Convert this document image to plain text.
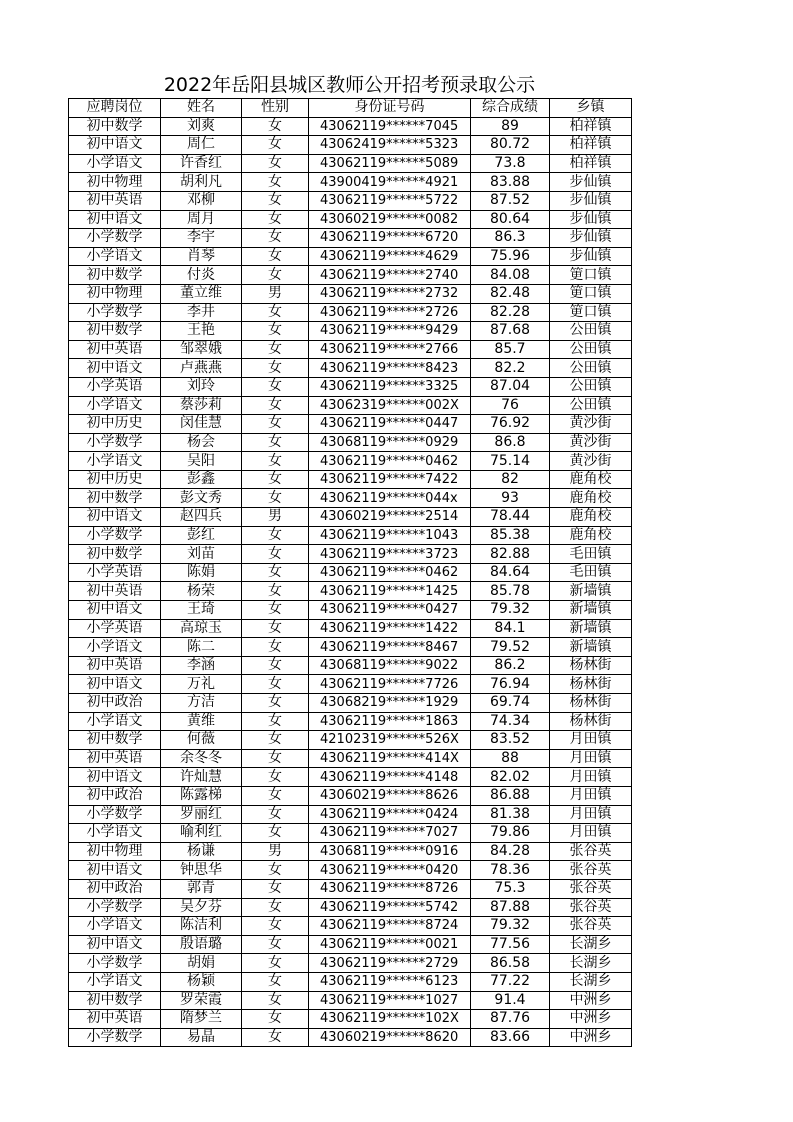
2022年岳阳县城区教师公开招考预录取公示
应聘岗位	姓名	性别	身份证号码	综合成绩	乡镇
初中数学	刘爽	女	43062119******7045	89	柏祥镇
初中语文	周仁	女	43062419******5323	80.72	柏祥镇
小学语文	许香红	女	43062119******5089	73.8	柏祥镇
初中物理	胡利凡	女	43900419******4921	83.88	步仙镇
初中英语	邓柳	女	43062119******5722	87.52	步仙镇
初中语文	周月	女	43060219******0082	80.64	步仙镇
小学数学	李宇	女	43062119******6720	86.3	步仙镇
小学语文	肖琴	女	43062119******4629	75.96	步仙镇
初中数学	付炎	女	43062119******2740	84.08	筻口镇
初中物理	董立维	男	43062119******2732	82.48	筻口镇
小学数学	李井	女	43062119******2726	82.28	筻口镇
初中数学	王艳	女	43062119******9429	87.68	公田镇
初中英语	邹翠娥	女	43062119******2766	85.7	公田镇
初中语文	卢燕燕	女	43062119******8423	82.2	公田镇
小学英语	刘玲	女	43062119******3325	87.04	公田镇
小学语文	蔡莎莉	女	43062319******002X	76	公田镇
初中历史	闵佳慧	女	43062119******0447	76.92	黄沙街
小学数学	杨会	女	43068119******0929	86.8	黄沙街
小学语文	吴阳	女	43062119******0462	75.14	黄沙街
初中历史	彭鑫	女	43062119******7422	82	鹿角校
初中数学	彭文秀	女	43062119******044x	93	鹿角校
初中语文	赵四兵	男	43060219******2514	78.44	鹿角校
小学数学	彭红	女	43062119******1043	85.38	鹿角校
初中数学	刘苗	女	43062119******3723	82.88	毛田镇
小学英语	陈娟	女	43062119******0462	84.64	毛田镇
初中英语	杨荣	女	43062119******1425	85.78	新墙镇
初中语文	王琦	女	43062119******0427	79.32	新墙镇
小学英语	高琼玉	女	43062119******1422	84.1	新墙镇
小学语文	陈二	女	43062119******8467	79.52	新墙镇
初中英语	李涵	女	43068119******9022	86.2	杨林街
初中语文	万礼	女	43062119******7726	76.94	杨林街
初中政治	方洁	女	43068219******1929	69.74	杨林街
小学语文	黄维	女	43062119******1863	74.34	杨林街
初中数学	何薇	女	42102319******526X	83.52	月田镇
初中英语	余冬冬	女	43062119******414X	88	月田镇
初中语文	许灿慧	女	43062119******4148	82.02	月田镇
初中政治	陈露梯	女	43060219******8626	86.88	月田镇
小学数学	罗丽红	女	43062119******0424	81.38	月田镇
小学语文	喻利红	女	43062119******7027	79.86	月田镇
初中物理	杨谦	男	43068119******0916	84.28	张谷英
初中语文	钟思华	女	43062119******0420	78.36	张谷英
初中政治	郭青	女	43062119******8726	75.3	张谷英
小学数学	吴夕芬	女	43062119******5742	87.88	张谷英
小学语文	陈洁利	女	43062119******8724	79.32	张谷英
初中语文	殷语璐	女	43062119******0021	77.56	长湖乡
小学数学	胡娟	女	43062119******2729	86.58	长湖乡
小学语文	杨颖	女	43062119******6123	77.22	长湖乡
初中数学	罗荣霞	女	43062119******1027	91.4	中洲乡
初中英语	隋梦兰	女	43062119******102X	87.76	中洲乡
小学数学	易晶	女	43060219******8620	83.66	中洲乡
